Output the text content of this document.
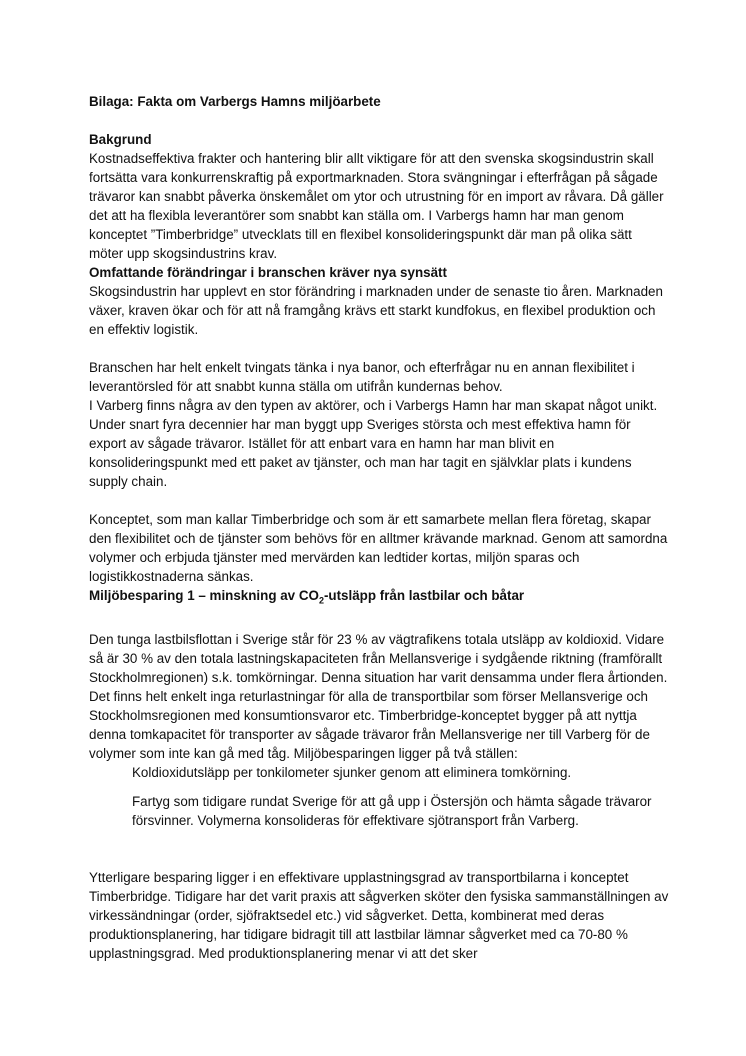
Bilaga: Fakta om Varbergs Hamns miljöarbete
Bakgrund

Kostnadseffektiva frakter och hantering blir allt viktigare för att den svenska skogsindustrin skall fortsätta vara konkurrenskraftig på exportmarknaden. Stora svängningar i efterfrågan på sågade trävaror kan snabbt påverka önskemålet om ytor och utrustning för en import av råvara. Då gäller det att ha flexibla leverantörer som snabbt kan ställa om. I Varbergs hamn har man genom konceptet ”Timberbridge” utvecklats till en flexibel konsolideringspunkt där man på olika sätt möter upp skogsindustrins krav.

Omfattande förändringar i branschen kräver nya synsätt

Skogsindustrin har upplevt en stor förändring i marknaden under de senaste tio åren. Marknaden växer, kraven ökar och för att nå framgång krävs ett starkt kundfokus, en flexibel produktion och en effektiv logistik.

Branschen har helt enkelt tvingats tänka i nya banor, och efterfrågar nu en annan flexibilitet i leverantörsled för att snabbt kunna ställa om utifrån kundernas behov.

I Varberg finns några av den typen av aktörer, och i Varbergs Hamn har man skapat något unikt. Under snart fyra decennier har man byggt upp Sveriges största och mest effektiva hamn för export av sågade trävaror. Istället för att enbart vara en hamn har man blivit en konsolideringspunkt med ett paket av tjänster, och man har tagit en självklar plats i kundens supply chain.

Konceptet, som man kallar Timberbridge och som är ett samarbete mellan flera företag, skapar den flexibilitet och de tjänster som behövs för en alltmer krävande marknad. Genom att samordna volymer och erbjuda tjänster med mervärden kan ledtider kortas, miljön sparas och logistikkostnaderna sänkas.

Miljöbesparing 1 – minskning av $CO_2$-utsläpp från lastbilar och båtar

Den tunga lastbilsflottan i Sverige står för 23 % av vägtrafikens totala utsläpp av koldioxid. Vidare så är 30 % av den totala lastningskapaciteten från Mellansverige i sydgående riktning (framförallt Stockholmregionen) s.k. tomkörningar. Denna situation har varit densamma under flera årtionden. Det finns helt enkelt inga returlastningar för alla de transportbilar som förser Mellansverige och Stockholmsregionen med konsumtionsvaror etc. Timberbridge-konceptet bygger på att nyttja denna tomkapacitet för transporter av sågade trävaror från Mellansverige ner till Varberg för de volymer som inte kan gå med tåg. Miljöbesparingen ligger på två ställen:

Koldioxidutsläpp per tonkilometer sjunker genom att eliminera tomkörning.

Fartyg som tidigare rundat Sverige för att gå upp i Östersjön och hämta sågade trävaror försvinner. Volymerna konsolideras för effektivare sjötransport från Varberg.

Ytterligare besparing ligger i en effektivare upplastningsgrad av transportbilarna i konceptet Timberbridge. Tidigare har det varit praxis att sågverken sköter den fysiska sammanställningen av virkessändningar (order, sjöfraktsedel etc.) vid sågverket. Detta, kombinerat med deras produktionsplanering, har tidigare bidragit till att lastbilar lämnar sågverket med ca 70-80 % upplastningsgrad. Med produktionsplanering menar vi att det sker
